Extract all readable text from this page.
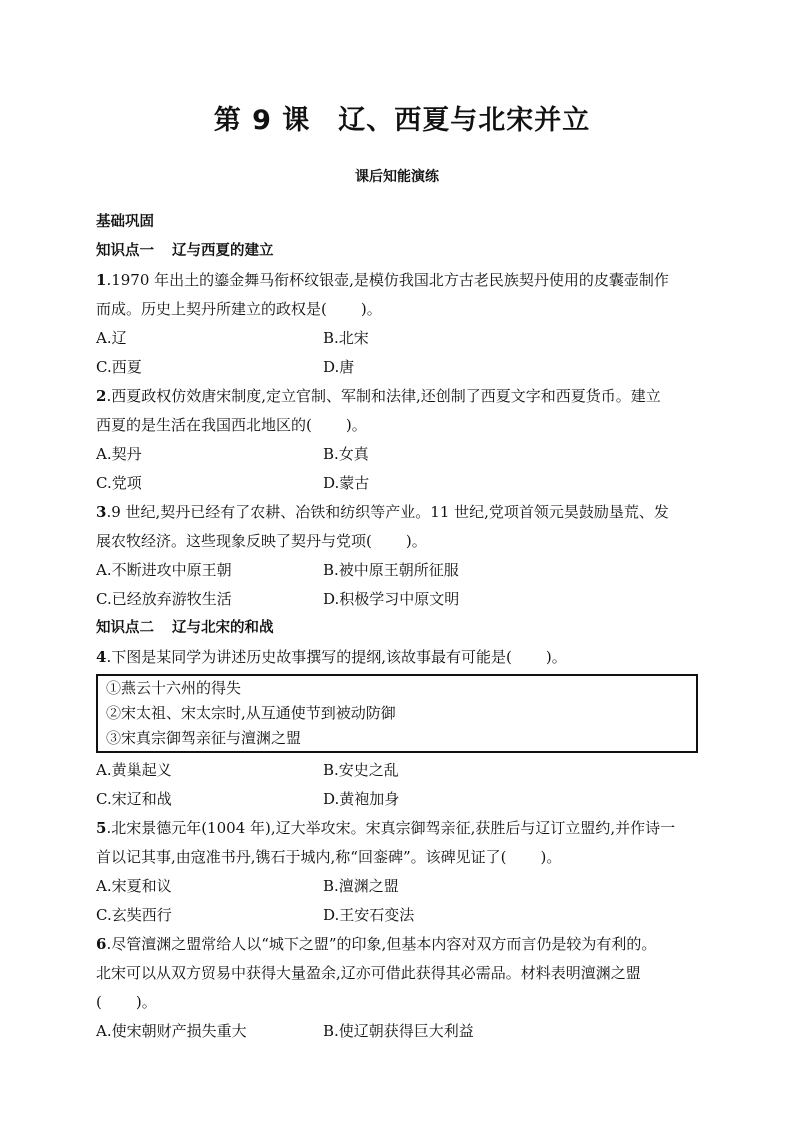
第 9 课 辽、西夏与北宋并立
课后知能演练
基础巩固
知识点一 辽与西夏的建立
1.1970 年出土的鎏金舞马衔杯纹银壶,是模仿我国北方古老民族契丹使用的皮囊壶制作
而成。历史上契丹所建立的政权是( )。
A.辽	B.北宋
C.西夏	D.唐
2.西夏政权仿效唐宋制度,定立官制、军制和法律,还创制了西夏文字和西夏货币。建立
西夏的是生活在我国西北地区的( )。
A.契丹	B.女真
C.党项	D.蒙古
3.9 世纪,契丹已经有了农耕、冶铁和纺织等产业。11 世纪,党项首领元昊鼓励垦荒、发
展农牧经济。这些现象反映了契丹与党项( )。
A.不断进攻中原王朝	B.被中原王朝所征服
C.已经放弃游牧生活	D.积极学习中原文明
知识点二 辽与北宋的和战
4.下图是某同学为讲述历史故事撰写的提纲,该故事最有可能是( )。
①燕云十六州的得失
②宋太祖、宋太宗时,从互通使节到被动防御
③宋真宗御驾亲征与澶渊之盟
A.黄巢起义	B.安史之乱
C.宋辽和战	D.黄袍加身
5.北宋景德元年(1004 年),辽大举攻宋。宋真宗御驾亲征,获胜后与辽订立盟约,并作诗一
首以记其事,由寇准书丹,镌石于城内,称“回銮碑”。该碑见证了( )。
A.宋夏和议	B.澶渊之盟
C.玄奘西行	D.王安石变法
6.尽管澶渊之盟常给人以“城下之盟”的印象,但基本内容对双方而言仍是较为有利的。
北宋可以从双方贸易中获得大量盈余,辽亦可借此获得其必需品。材料表明澶渊之盟
( )。
A.使宋朝财产损失重大	B.使辽朝获得巨大利益
